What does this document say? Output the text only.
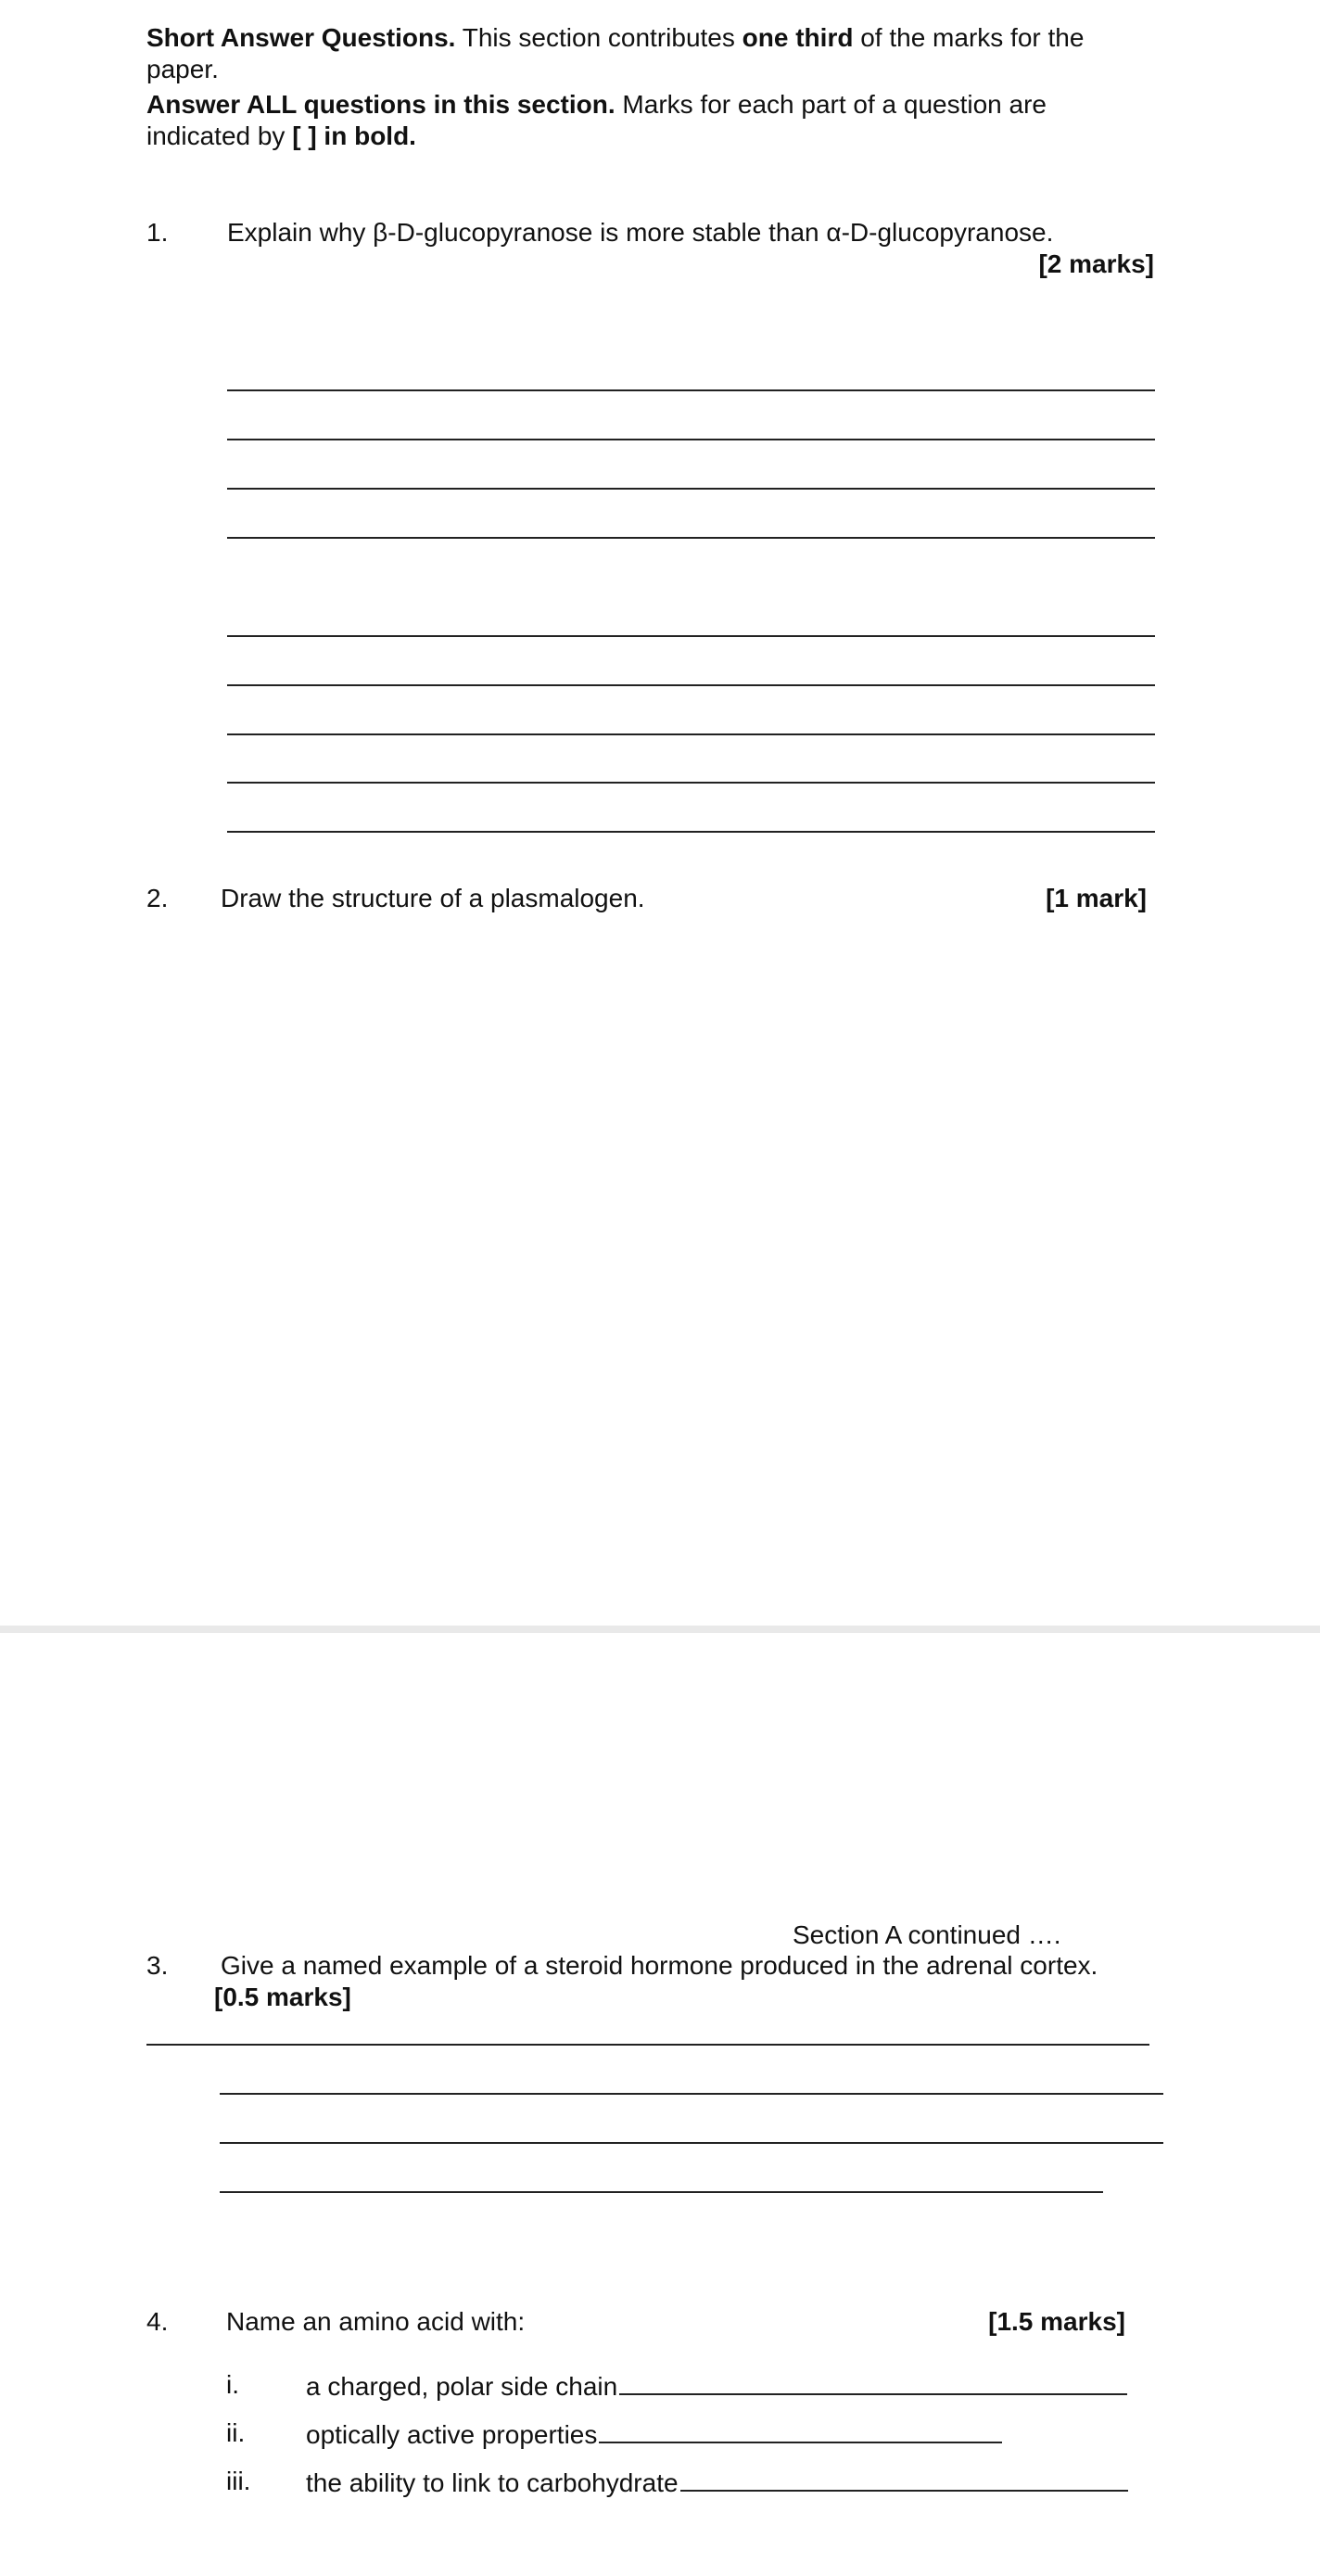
Short Answer Questions. This section contributes one third of the marks for the paper.
Answer ALL questions in this section. Marks for each part of a question are indicated by [ ] in bold.
1. Explain why β-D-glucopyranose is more stable than α-D-glucopyranose.
[2 marks]
2. Draw the structure of a plasmalogen.	[1 mark]
Section A continued ….
3. Give a named example of a steroid hormone produced in the adrenal cortex.
[0.5 marks]
4. Name an amino acid with:	[1.5 marks]
i.	a charged, polar side chain
ii. optically active properties
iii. the ability to link to carbohydrate
